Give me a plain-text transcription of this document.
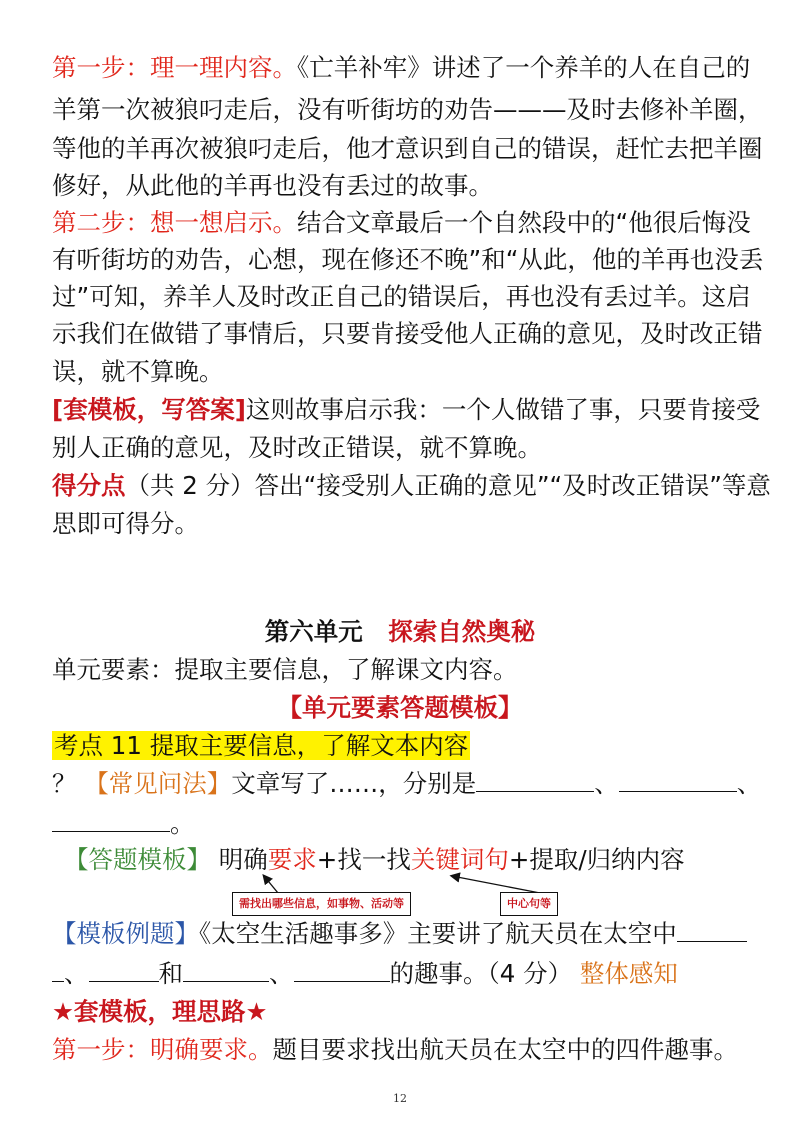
第一步：理一理内容。《亡羊补牢》讲述了一个养羊的人在自己的
羊第一次被狼叼走后，没有听街坊的劝告———及时去修补羊圈，
等他的羊再次被狼叼走后，他才意识到自己的错误，赶忙去把羊圈
修好，从此他的羊再也没有丢过的故事。
第二步：想一想启示。结合文章最后一个自然段中的“他很后悔没
有听街坊的劝告，心想，现在修还不晚”和“从此，他的羊再也没丢
过”可知，养羊人及时改正自己的错误后，再也没有丢过羊。这启
示我们在做错了事情后，只要肯接受他人正确的意见，及时改正错
误，就不算晚。
[套模板，写答案]这则故事启示我：一个人做错了事，只要肯接受
别人正确的意见，及时改正错误，就不算晚。
得分点（共 2 分）答出“接受别人正确的意见”“及时改正错误”等意
思即可得分。
第六单元 探索自然奥秘
单元要素：提取主要信息，了解课文内容。
【单元要素答题模板】
考点 11 提取主要信息，了解文本内容
？ 【常见问法】文章写了……，分别是	、	、
。
【答题模板】 明确要求+找一找关键词句+提取/归纳内容
需找出哪些信息，如事物、活动等	中心句等
【模板例题】《太空生活趣事多》主要讲了航天员在太空中
、	和	、	的趣事。（4 分） 整体感知
★套模板，理思路★
第一步：明确要求。题目要求找出航天员在太空中的四件趣事。
12
